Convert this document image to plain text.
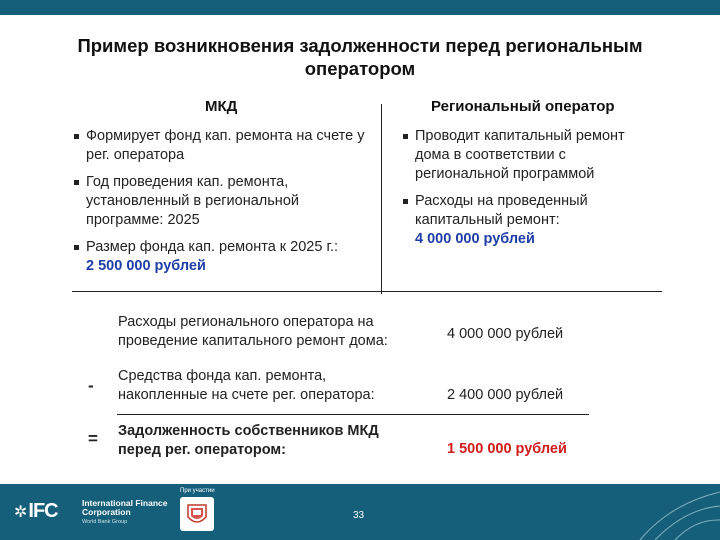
Пример возникновения задолженности перед региональным оператором
МКД	Региональный оператор
Формирует фонд кап. ремонта на счете у рег. оператора
Год проведения кап. ремонта, установленный в региональной программе: 2025
Размер фонда кап. ремонта к 2025 г.:
2 500 000 рублей
Проводит капитальный ремонт дома в соответствии с региональной программой
Расходы на проведенный капитальный ремонт:
4 000 000 рублей
Расходы регионального оператора на проведение капитального ремонт дома:	4 000 000 рублей
- Средства фонда кап. ремонта, накопленные на счете рег. оператора:	2 400 000 рублей
= Задолженность собственников МКД перед рег. оператором:	1 500 000 рублей
✲ IFC	International Finance Corporation
World Bank Group
При участии
33
